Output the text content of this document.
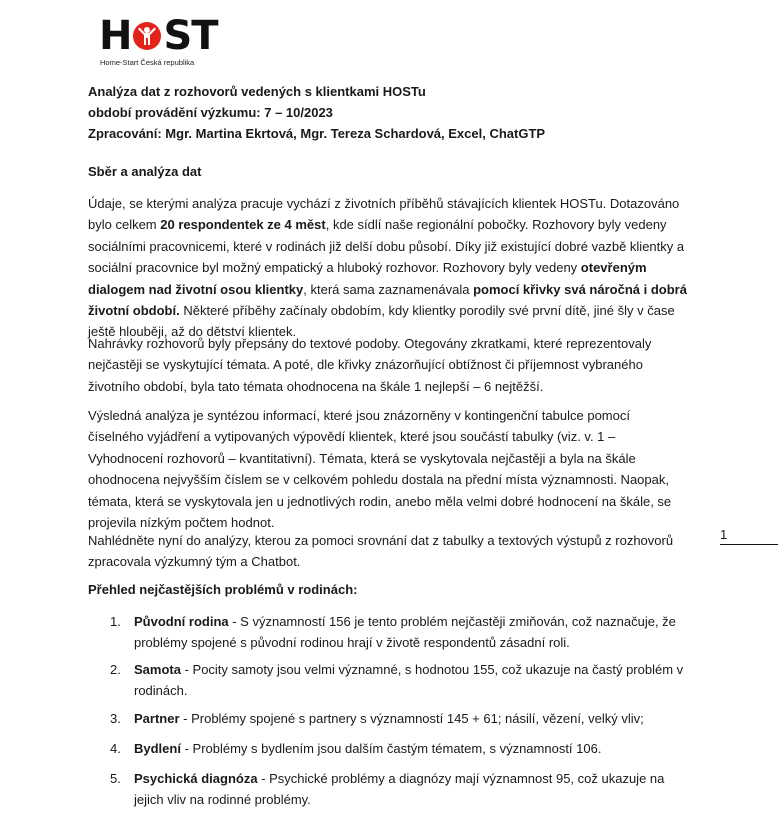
H ST
Home-Start Česká republika
Analýza dat z rozhovorů vedených s klientkami HOSTu
období provádění výzkumu: 7 – 10/2023
Zpracování: Mgr. Martina Ekrtová, Mgr. Tereza Schardová, Excel, ChatGTP
Sběr a analýza dat

Údaje, se kterými analýza pracuje vychází z životních příběhů stávajících klientek HOSTu. Dotazováno bylo celkem 20 respondentek ze 4 měst, kde sídlí naše regionální pobočky. Rozhovory byly vedeny sociálními pracovnicemi, které v rodinách již delší dobu působí. Díky již existující dobré vazbě klientky a sociální pracovnice byl možný empatický a hluboký rozhovor. Rozhovory byly vedeny otevřeným dialogem nad životní osou klientky, která sama zaznamenávala pomocí křivky svá náročná i dobrá životní období. Některé příběhy začínaly obdobím, kdy klientky porodily své první dítě, jiné šly v čase ještě hlouběji, až do dětství klientek.

Nahrávky rozhovorů byly přepsány do textové podoby. Otegovány zkratkami, které reprezentovaly nejčastěji se vyskytující témata. A poté, dle křivky znázorňující obtížnost či příjemnost vybraného životního období, byla tato témata ohodnocena na škále 1 nejlepší – 6 nejtěžší.

Výsledná analýza je syntézou informací, které jsou znázorněny v kontingenční tabulce pomocí číselného vyjádření a vytipovaných výpovědí klientek, které jsou součástí tabulky (viz. v. 1 – Vyhodnocení rozhovorů – kvantitativní). Témata, která se vyskytovala nejčastěji a byla na škále ohodnocena nejvyšším číslem se v celkovém pohledu dostala na přední místa významnosti. Naopak, témata, která se vyskytovala jen u jednotlivých rodin, anebo měla velmi dobré hodnocení na škále, se projevila nízkým počtem hodnot.

Nahlédněte nyní do analýzy, kterou za pomoci srovnání dat z tabulky a textových výstupů z rozhovorů zpracovala výzkumný tým a Chatbot.

1
Přehled nejčastějších problémů v rodinách:
1. Původní rodina - S významností 156 je tento problém nejčastěji zmiňován, což naznačuje, že problémy spojené s původní rodinou hrají v životě respondentů zásadní roli.
2. Samota - Pocity samoty jsou velmi významné, s hodnotou 155, což ukazuje na častý problém v rodinách.
3. Partner - Problémy spojené s partnery s významností 145 + 61; násilí, vězení, velký vliv;
4. Bydlení - Problémy s bydlením jsou dalším častým tématem, s významností 106.
5. Psychická diagnóza - Psychické problémy a diagnózy mají významnost 95, což ukazuje na jejich vliv na rodinné problémy.
